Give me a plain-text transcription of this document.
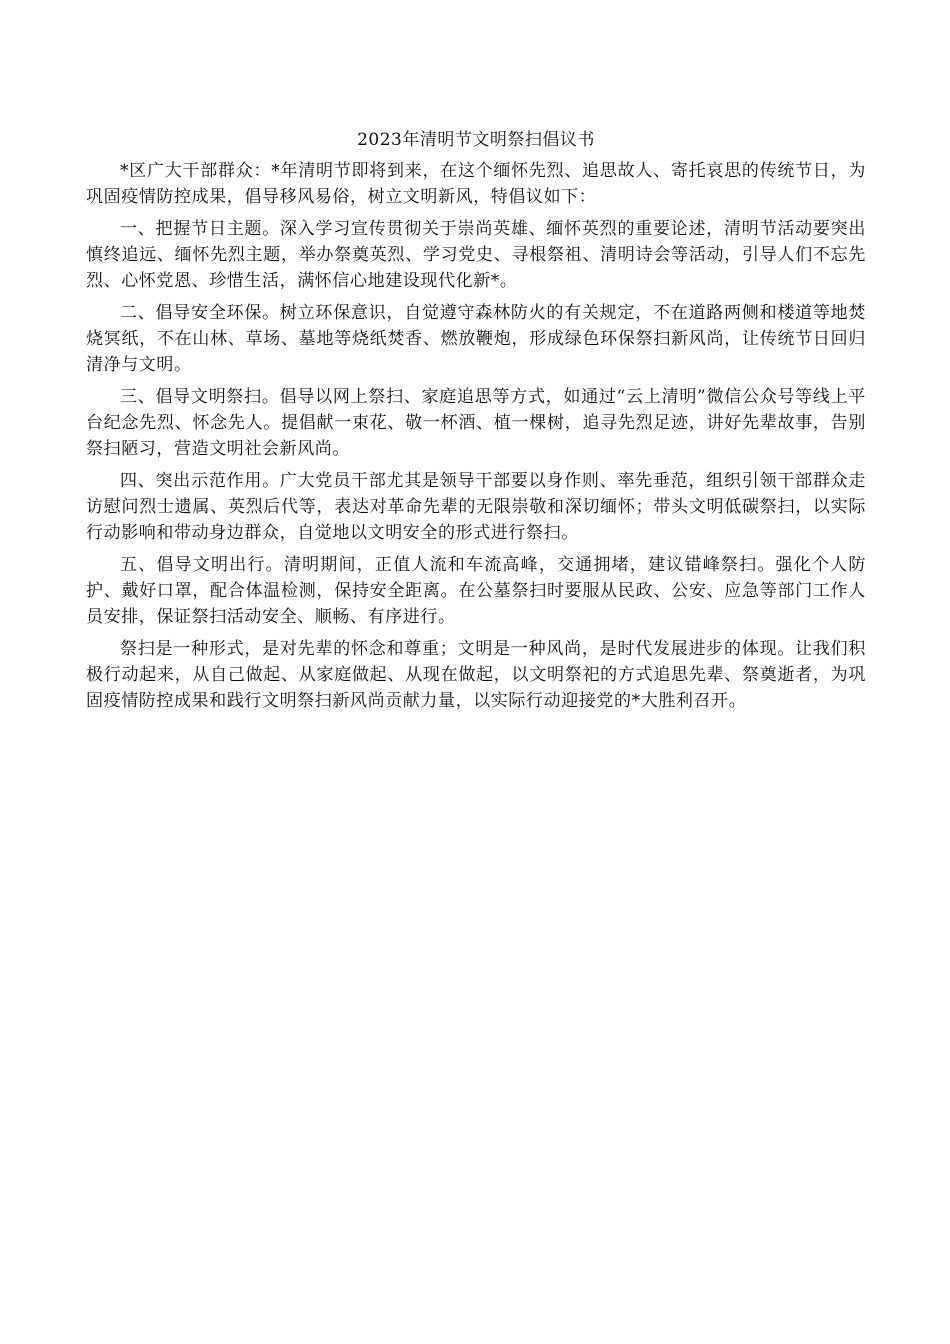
2023年清明节文明祭扫倡议书

*区广大干部群众：*年清明节即将到来，在这个缅怀先烈、追思故人、寄托哀思的传统节日，为巩固疫情防控成果，倡导移风易俗，树立文明新风，特倡议如下：

一、把握节日主题。深入学习宣传贯彻关于崇尚英雄、缅怀英烈的重要论述，清明节活动要突出慎终追远、缅怀先烈主题，举办祭奠英烈、学习党史、寻根祭祖、清明诗会等活动，引导人们不忘先烈、心怀党恩、珍惜生活，满怀信心地建设现代化新*。

二、倡导安全环保。树立环保意识，自觉遵守森林防火的有关规定，不在道路两侧和楼道等地焚烧冥纸，不在山林、草场、墓地等烧纸焚香、燃放鞭炮，形成绿色环保祭扫新风尚，让传统节日回归清净与文明。

三、倡导文明祭扫。倡导以网上祭扫、家庭追思等方式，如通过“云上清明”微信公众号等线上平台纪念先烈、怀念先人。提倡献一束花、敬一杯酒、植一棵树，追寻先烈足迹，讲好先辈故事，告别祭扫陋习，营造文明社会新风尚。

四、突出示范作用。广大党员干部尤其是领导干部要以身作则、率先垂范，组织引领干部群众走访慰问烈士遗属、英烈后代等，表达对革命先辈的无限崇敬和深切缅怀；带头文明低碳祭扫，以实际行动影响和带动身边群众，自觉地以文明安全的形式进行祭扫。

五、倡导文明出行。清明期间，正值人流和车流高峰，交通拥堵，建议错峰祭扫。强化个人防护、戴好口罩，配合体温检测，保持安全距离。在公墓祭扫时要服从民政、公安、应急等部门工作人员安排，保证祭扫活动安全、顺畅、有序进行。

祭扫是一种形式，是对先辈的怀念和尊重；文明是一种风尚，是时代发展进步的体现。让我们积极行动起来，从自己做起、从家庭做起、从现在做起，以文明祭祀的方式追思先辈、祭奠逝者，为巩固疫情防控成果和践行文明祭扫新风尚贡献力量，以实际行动迎接党的*大胜利召开。
